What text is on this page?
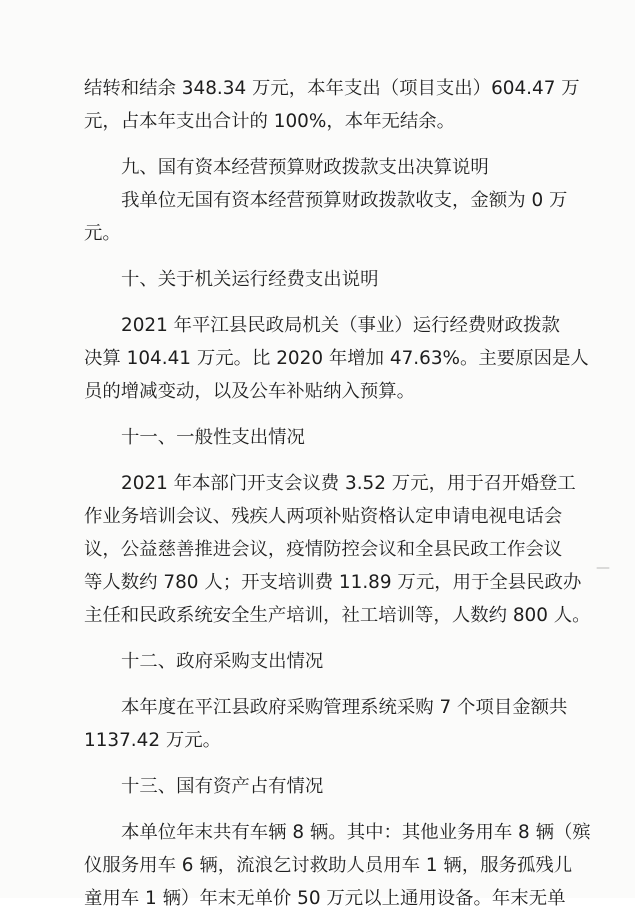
—
结转和结余 348.34 万元，本年支出（项目支出）604.47 万
元，占本年支出合计的 100%，本年无结余。
九、国有资本经营预算财政拨款支出决算说明
我单位无国有资本经营预算财政拨款收支，金额为 0 万
元。
十、关于机关运行经费支出说明
2021 年平江县民政局机关（事业）运行经费财政拨款
决算 104.41 万元。比 2020 年增加 47.63%。主要原因是人
员的增减变动，以及公车补贴纳入预算。
十一、一般性支出情况
2021 年本部门开支会议费 3.52 万元，用于召开婚登工
作业务培训会议、残疾人两项补贴资格认定申请电视电话会
议，公益慈善推进会议，疫情防控会议和全县民政工作会议
等人数约 780 人；开支培训费 11.89 万元，用于全县民政办
主任和民政系统安全生产培训，社工培训等，人数约 800 人。
十二、政府采购支出情况
本年度在平江县政府采购管理系统采购 7 个项目金额共
1137.42 万元。
十三、国有资产占有情况
本单位年末共有车辆 8 辆。其中：其他业务用车 8 辆（殡
仪服务用车 6 辆，流浪乞讨救助人员用车 1 辆，服务孤残儿
童用车 1 辆）年末无单价 50 万元以上通用设备。年末无单
